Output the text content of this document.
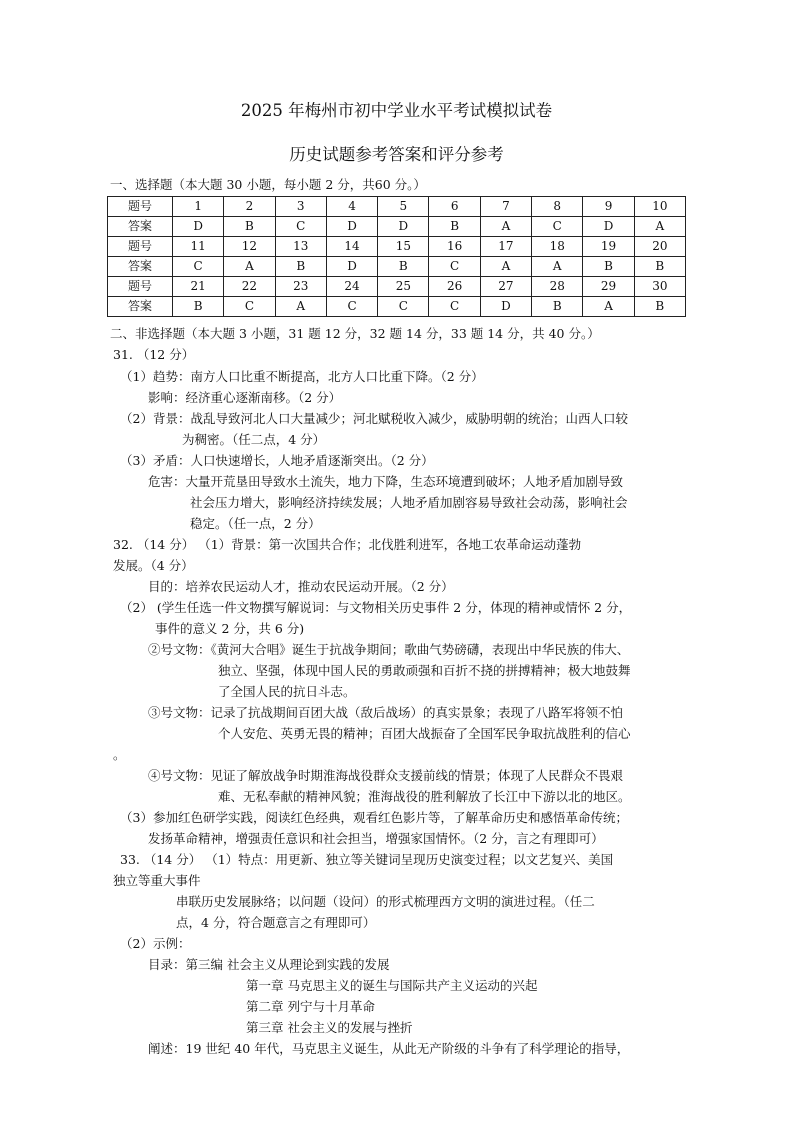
2025 年梅州市初中学业水平考试模拟试卷
历史试题参考答案和评分参考
一、选择题（本大题 30 小题，每小题 2 分，共60 分。）
题号	1	2	3	4	5	6	7	8	9	10
答案	D	B	C	D	D	B	A	C	D	A
题号	11	12	13	14	15	16	17	18	19	20
答案	C	A	B	D	B	C	A	A	B	B
题号	21	22	23	24	25	26	27	28	29	30
答案	B	C	A	C	C	C	D	B	A	B
二、非选择题（本大题 3 小题，31 题 12 分，32 题 14 分，33 题 14 分，共 40 分。）
31. （12 分）
（1）趋势：南方人口比重不断提高，北方人口比重下降。（2 分）
影响：经济重心逐渐南移。（2 分）
（2）背景：战乱导致河北人口大量减少；河北赋税收入减少，威胁明朝的统治；山西人口较
为稠密。（任二点，4 分）
（3）矛盾：人口快速增长，人地矛盾逐渐突出。（2 分）
危害：大量开荒垦田导致水土流失，地力下降，生态环境遭到破坏；人地矛盾加剧导致
社会压力增大，影响经济持续发展；人地矛盾加剧容易导致社会动荡，影响社会
稳定。（任一点，2 分）
32. （14 分） （1）背景：第一次国共合作；北伐胜利进军，各地工农革命运动蓬勃
发展。（4 分）
目的：培养农民运动人才，推动农民运动开展。（2 分）
（2） (学生任选一件文物撰写解说词：与文物相关历史事件 2 分，体现的精神或情怀 2 分，
事件的意义 2 分，共 6 分)
②号文物：《黄河大合唱》诞生于抗战争期间；歌曲气势磅礴，表现出中华民族的伟大、
独立、坚强，体现中国人民的勇敢顽强和百折不挠的拼搏精神；极大地鼓舞
了全国人民的抗日斗志。
③号文物：记录了抗战期间百团大战（敌后战场）的真实景象；表现了八路军将领不怕
个人安危、英勇无畏的精神；百团大战振奋了全国军民争取抗战胜利的信心
。
④号文物：见证了解放战争时期淮海战役群众支援前线的情景；体现了人民群众不畏艰
难、无私奉献的精神风貌；淮海战役的胜利解放了长江中下游以北的地区。
（3）参加红色研学实践，阅读红色经典，观看红色影片等，了解革命历史和感悟革命传统；
发扬革命精神，增强责任意识和社会担当，增强家国情怀。（2 分，言之有理即可）
33. （14 分） （1）特点：用更新、独立等关键词呈现历史演变过程；以文艺复兴、美国
独立等重大事件
串联历史发展脉络；以问题（设问）的形式梳理西方文明的演进过程。（任二
点，4 分，符合题意言之有理即可）
（2）示例：
目录：第三编 社会主义从理论到实践的发展
第一章 马克思主义的诞生与国际共产主义运动的兴起
第二章 列宁与十月革命
第三章 社会主义的发展与挫折
阐述：19 世纪 40 年代，马克思主义诞生，从此无产阶级的斗争有了科学理论的指导，
